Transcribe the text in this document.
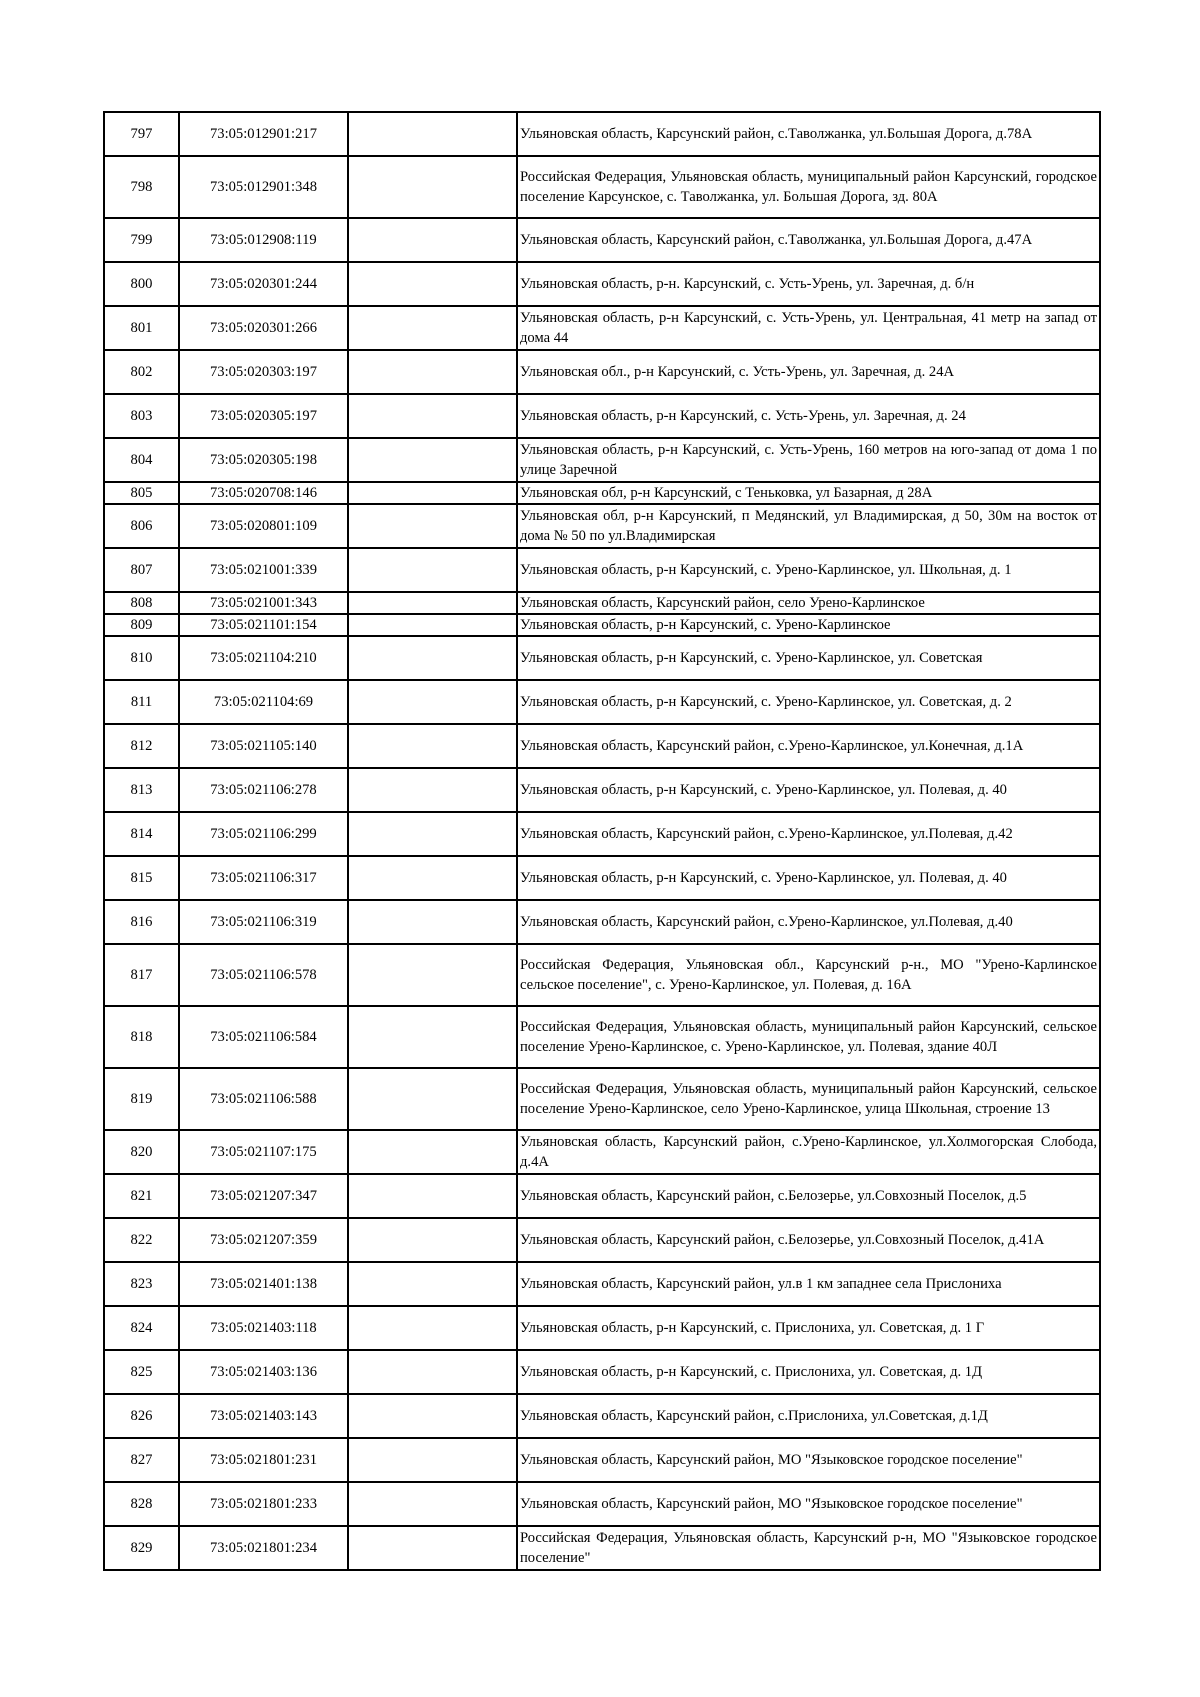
797	73:05:012901:217		Ульяновская область, Карсунский район, с.Таволжанка, ул.Большая Дорога, д.78А
798	73:05:012901:348		Российская Федерация, Ульяновская область, муниципальный район Карсунский, городское поселение Карсунское, с. Таволжанка, ул. Большая Дорога, зд. 80А
799	73:05:012908:119		Ульяновская область, Карсунский район, с.Таволжанка, ул.Большая Дорога, д.47А
800	73:05:020301:244		Ульяновская область, р-н. Карсунский, с. Усть-Урень, ул. Заречная, д. б/н
801	73:05:020301:266		Ульяновская область, р-н Карсунский, с. Усть-Урень, ул. Центральная, 41 метр на запад от дома 44
802	73:05:020303:197		Ульяновская обл., р-н Карсунский, с. Усть-Урень, ул. Заречная, д. 24А
803	73:05:020305:197		Ульяновская область, р-н Карсунский, с. Усть-Урень, ул. Заречная, д. 24
804	73:05:020305:198		Ульяновская область, р-н Карсунский, с. Усть-Урень, 160 метров на юго-запад от дома 1 по улице Заречной
805	73:05:020708:146		Ульяновская обл, р-н Карсунский, с Теньковка, ул Базарная, д 28А
806	73:05:020801:109		Ульяновская обл, р-н Карсунский, п Медянский, ул Владимирская, д 50, 30м на восток от дома № 50 по ул.Владимирская
807	73:05:021001:339		Ульяновская область, р-н Карсунский, с. Урено-Карлинское, ул. Школьная, д. 1
808	73:05:021001:343		Ульяновская область, Карсунский район, село Урено-Карлинское
809	73:05:021101:154		Ульяновская область, р-н Карсунский, с. Урено-Карлинское
810	73:05:021104:210		Ульяновская область, р-н Карсунский, с. Урено-Карлинское, ул. Советская
811	73:05:021104:69		Ульяновская область, р-н Карсунский, с. Урено-Карлинское, ул. Советская, д. 2
812	73:05:021105:140		Ульяновская область, Карсунский район, с.Урено-Карлинское, ул.Конечная, д.1А
813	73:05:021106:278		Ульяновская область, р-н Карсунский, с. Урено-Карлинское, ул. Полевая, д. 40
814	73:05:021106:299		Ульяновская область, Карсунский район, с.Урено-Карлинское, ул.Полевая, д.42
815	73:05:021106:317		Ульяновская область, р-н Карсунский, с. Урено-Карлинское, ул. Полевая, д. 40
816	73:05:021106:319		Ульяновская область, Карсунский район, с.Урено-Карлинское, ул.Полевая, д.40
817	73:05:021106:578		Российская Федерация, Ульяновская обл., Карсунский р-н., МО "Урено-Карлинское сельское поселение", с. Урено-Карлинское, ул. Полевая, д. 16А
818	73:05:021106:584		Российская Федерация, Ульяновская область, муниципальный район Карсунский, сельское поселение Урено-Карлинское, с. Урено-Карлинское, ул. Полевая, здание 40Л
819	73:05:021106:588		Российская Федерация, Ульяновская область, муниципальный район Карсунский, сельское поселение Урено-Карлинское, село Урено-Карлинское, улица Школьная, строение 13
820	73:05:021107:175		Ульяновская область, Карсунский район, с.Урено-Карлинское, ул.Холмогорская Слобода, д.4А
821	73:05:021207:347		Ульяновская область, Карсунский район, с.Белозерье, ул.Совхозный Поселок, д.5
822	73:05:021207:359		Ульяновская область, Карсунский район, с.Белозерье, ул.Совхозный Поселок, д.41А
823	73:05:021401:138		Ульяновская область, Карсунский район, ул.в 1 км западнее села Прислониха
824	73:05:021403:118		Ульяновская область, р-н Карсунский, с. Прислониха, ул. Советская, д. 1 Г
825	73:05:021403:136		Ульяновская область, р-н Карсунский, с. Прислониха, ул. Советская, д. 1Д
826	73:05:021403:143		Ульяновская область, Карсунский район, с.Прислониха, ул.Советская, д.1Д
827	73:05:021801:231		Ульяновская область, Карсунский район, МО "Языковское городское поселение"
828	73:05:021801:233		Ульяновская область, Карсунский район, МО "Языковское городское поселение"
829	73:05:021801:234		Российская Федерация, Ульяновская область, Карсунский р-н, МО "Языковское городское поселение"
